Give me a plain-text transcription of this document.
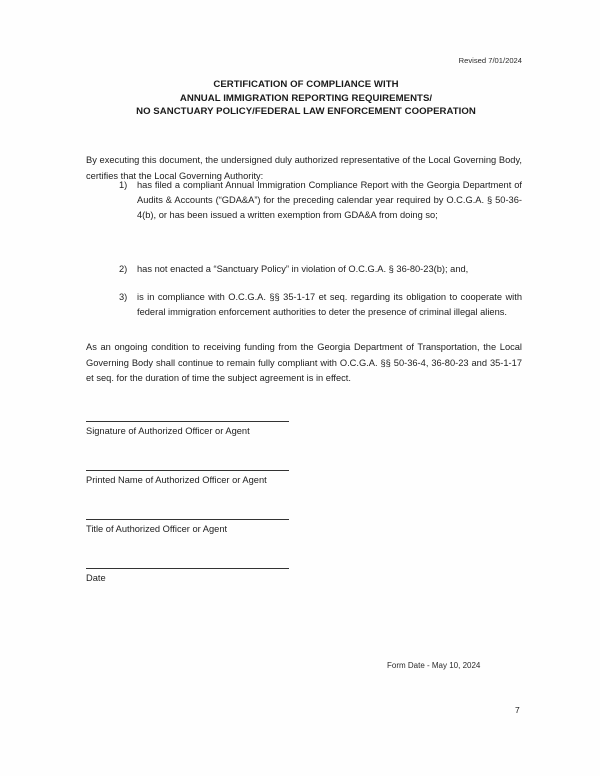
Revised 7/01/2024
CERTIFICATION OF COMPLIANCE WITH
ANNUAL IMMIGRATION REPORTING REQUIREMENTS/
NO SANCTUARY POLICY/FEDERAL LAW ENFORCEMENT COOPERATION
By executing this document, the undersigned duly authorized representative of the Local Governing Body, certifies that the Local Governing Authority:
1) has filed a compliant Annual Immigration Compliance Report with the Georgia Department of Audits & Accounts (“GDA&A”) for the preceding calendar year required by O.C.G.A. § 50-36-4(b), or has been issued a written exemption from GDA&A from doing so;
2) has not enacted a “Sanctuary Policy” in violation of O.C.G.A. § 36-80-23(b); and,
3) is in compliance with O.C.G.A. §§ 35-1-17 et seq. regarding its obligation to cooperate with federal immigration enforcement authorities to deter the presence of criminal illegal aliens.
As an ongoing condition to receiving funding from the Georgia Department of Transportation, the Local Governing Body shall continue to remain fully compliant with O.C.G.A. §§ 50-36-4, 36-80-23 and 35-1-17 et seq. for the duration of time the subject agreement is in effect.
Signature of Authorized Officer or Agent
Printed Name of Authorized Officer or Agent
Title of Authorized Officer or Agent
Date
Form Date - May 10, 2024
7
